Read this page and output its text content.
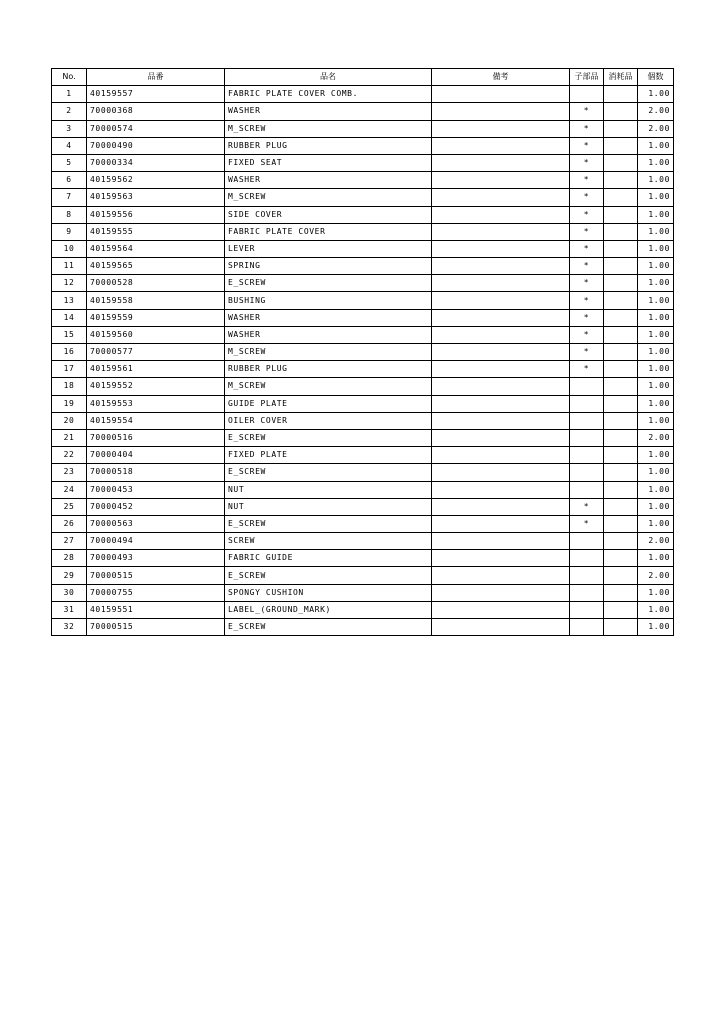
No.	品番	品名	備考	子部品	消耗品	個数
1	40159557	FABRIC PLATE COVER COMB.				1.00
2	70000368	WASHER		*		2.00
3	70000574	M_SCREW		*		2.00
4	70000490	RUBBER PLUG		*		1.00
5	70000334	FIXED SEAT		*		1.00
6	40159562	WASHER		*		1.00
7	40159563	M_SCREW		*		1.00
8	40159556	SIDE COVER		*		1.00
9	40159555	FABRIC PLATE COVER		*		1.00
10	40159564	LEVER		*		1.00
11	40159565	SPRING		*		1.00
12	70000528	E_SCREW		*		1.00
13	40159558	BUSHING		*		1.00
14	40159559	WASHER		*		1.00
15	40159560	WASHER		*		1.00
16	70000577	M_SCREW		*		1.00
17	40159561	RUBBER PLUG		*		1.00
18	40159552	M_SCREW				1.00
19	40159553	GUIDE PLATE				1.00
20	40159554	OILER COVER				1.00
21	70000516	E_SCREW				2.00
22	70000404	FIXED PLATE				1.00
23	70000518	E_SCREW				1.00
24	70000453	NUT				1.00
25	70000452	NUT		*		1.00
26	70000563	E_SCREW		*		1.00
27	70000494	SCREW				2.00
28	70000493	FABRIC GUIDE				1.00
29	70000515	E_SCREW				2.00
30	70000755	SPONGY CUSHION				1.00
31	40159551	LABEL_(GROUND_MARK)				1.00
32	70000515	E_SCREW				1.00
